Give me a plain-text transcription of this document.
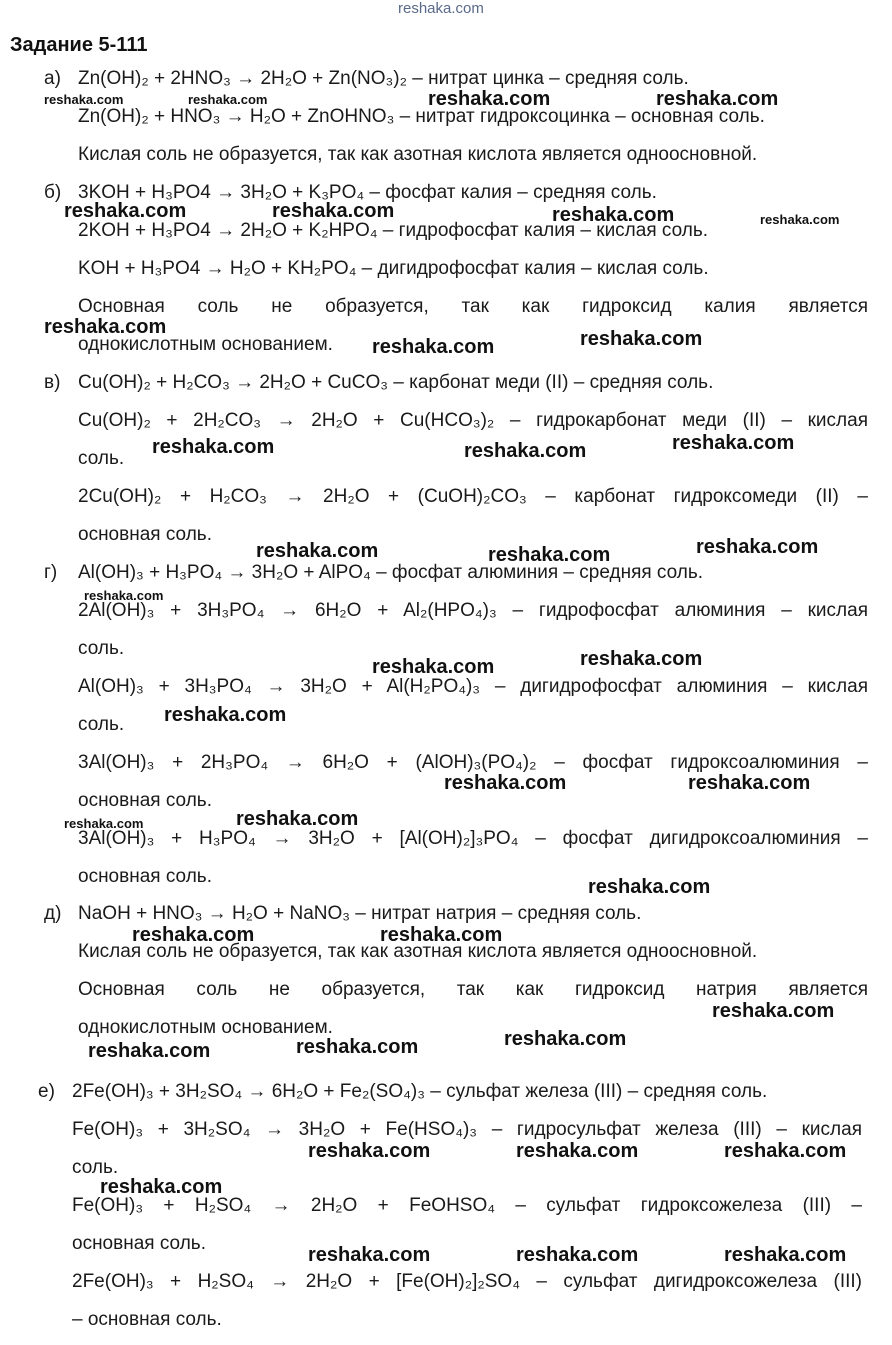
reshaka.com
Задание 5-111
а)
б)
в)
г)
д)
е)
Zn(OH)₂ + 2HNO₃ → 2H₂O + Zn(NO₃)₂ – нитрат цинка – средняя соль.
Zn(OH)₂ + HNO₃ → H₂O + ZnOHNO₃ – нитрат гидроксоцинка – основная соль.
Кислая соль не образуется, так как азотная кислота является одноосновной.
3KOH + H₃PO4 → 3H₂O + K₃PO₄ – фосфат калия – средняя соль.
2KOH + H₃PO4 → 2H₂O + K₂HPO₄ – гидрофосфат калия – кислая соль.
KOH + H₃PO4 → H₂O + KH₂PO₄ – дигидрофосфат калия – кислая соль.
Основная соль не образуется, так как гидроксид калия является
однокислотным основанием.
Cu(OH)₂ + H₂CO₃ → 2H₂O + CuCO₃ – карбонат меди (II) – средняя соль.
Cu(OH)₂ + 2H₂CO₃ → 2H₂O + Cu(HCO₃)₂ – гидрокарбонат меди (II) – кислая
соль.
2Cu(OH)₂ + H₂CO₃ → 2H₂O + (CuOH)₂CO₃ – карбонат гидроксомеди (II) –
основная соль.
Al(OH)₃ + H₃PO₄ → 3H₂O + AlPO₄ – фосфат алюминия – средняя соль.
2Al(OH)₃ + 3H₃PO₄ → 6H₂O + Al₂(HPO₄)₃ – гидрофосфат алюминия – кислая
соль.
Al(OH)₃ + 3H₃PO₄ → 3H₂O + Al(H₂PO₄)₃ – дигидрофосфат алюминия – кислая
соль.
3Al(OH)₃ + 2H₃PO₄ → 6H₂O + (AlOH)₃(PO₄)₂ – фосфат гидроксоалюминия –
основная соль.
3Al(OH)₃ + H₃PO₄ → 3H₂O + [Al(OH)₂]₃PO₄ – фосфат дигидроксоалюминия –
основная соль.
NaOH + HNO₃ → H₂O + NaNO₃ – нитрат натрия – средняя соль.
Кислая соль не образуется, так как азотная кислота является одноосновной.
Основная соль не образуется, так как гидроксид натрия является
однокислотным основанием.
2Fe(OH)₃ + 3H₂SO₄ → 6H₂O + Fe₂(SO₄)₃ – сульфат железа (III) – средняя соль.
Fe(OH)₃ + 3H₂SO₄ → 3H₂O + Fe(HSO₄)₃ – гидросульфат железа (III) – кислая
соль.
Fe(OH)₃ + H₂SO₄ → 2H₂O + FeOHSO₄ – сульфат гидроксожелеза (III) –
основная соль.
2Fe(OH)₃ + H₂SO₄ → 2H₂O + [Fe(OH)₂]₂SO₄ – сульфат дигидроксожелеза (III)
– основная соль.
reshaka.com	reshaka.com
reshaka.com	reshaka.com	reshaka.com
reshaka.com
reshaka.com	reshaka.com
reshaka.com	reshaka.com	reshaka.com
reshaka.com	reshaka.com	reshaka.com
reshaka.com	reshaka.com
reshaka.com
reshaka.com	reshaka.com
reshaka.com
reshaka.com
reshaka.com	reshaka.com
reshaka.com
reshaka.com
reshaka.com	reshaka.com
reshaka.com	reshaka.com	reshaka.com
reshaka.com
reshaka.com	reshaka.com	reshaka.com
reshaka.com	reshaka.com
reshaka.com
reshaka.com
reshaka.com
